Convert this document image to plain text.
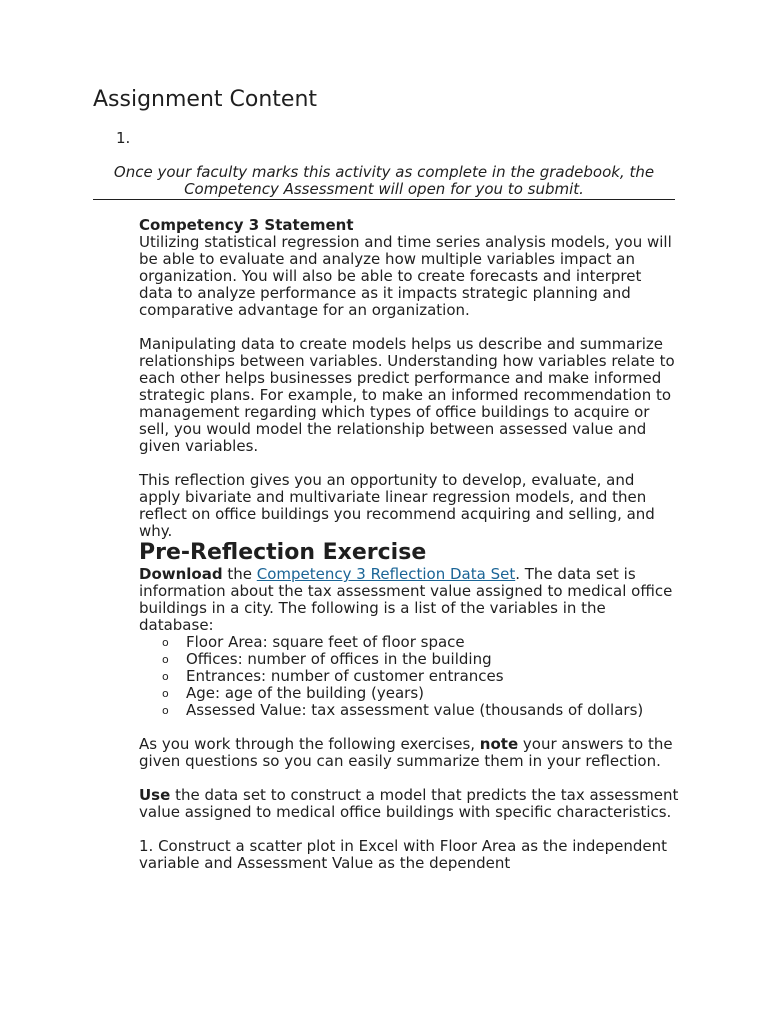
Assignment Content
1.
Once your faculty marks this activity as complete in the gradebook, the Competency Assessment will open for you to submit.

Competency 3 Statement
Utilizing statistical regression and time series analysis models, you will be able to evaluate and analyze how multiple variables impact an organization. You will also be able to create forecasts and interpret data to analyze performance as it impacts strategic planning and comparative advantage for an organization.

Manipulating data to create models helps us describe and summarize relationships between variables. Understanding how variables relate to each other helps businesses predict performance and make informed strategic plans. For example, to make an informed recommendation to management regarding which types of office buildings to acquire or sell, you would model the relationship between assessed value and given variables.

This reflection gives you an opportunity to develop, evaluate, and apply bivariate and multivariate linear regression models, and then reflect on office buildings you recommend acquiring and selling, and why.

Pre-Reflection Exercise

Download the Competency 3 Reflection Data Set. The data set is information about the tax assessment value assigned to medical office buildings in a city. The following is a list of the variables in the database:

o Floor Area: square feet of floor space
o Offices: number of offices in the building
o Entrances: number of customer entrances
o Age: age of the building (years)
o Assessed Value: tax assessment value (thousands of dollars)

As you work through the following exercises, note your answers to the given questions so you can easily summarize them in your reflection.

Use the data set to construct a model that predicts the tax assessment value assigned to medical office buildings with specific characteristics.

1. Construct a scatter plot in Excel with Floor Area as the independent variable and Assessment Value as the dependent
